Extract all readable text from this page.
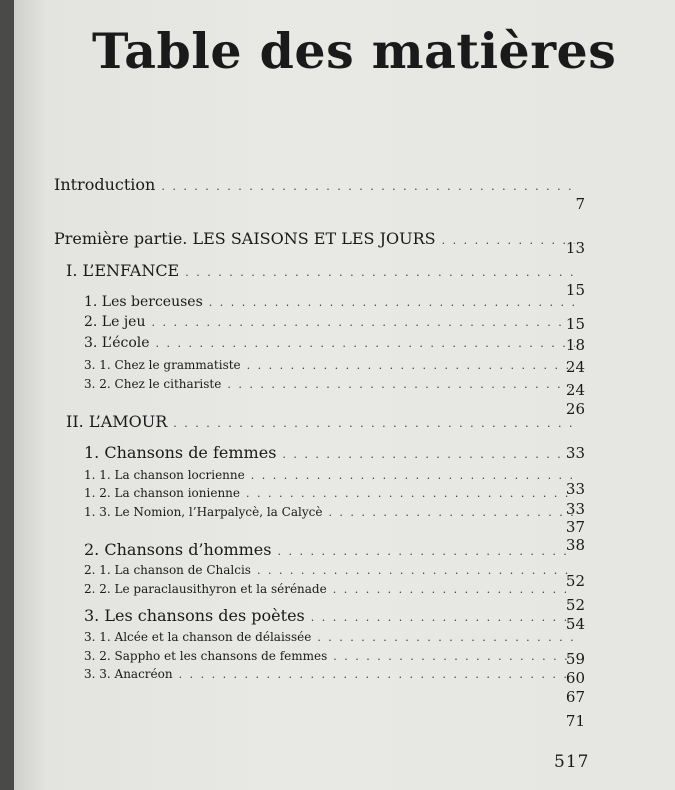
Table des matières
Introduction
. . .
7
Première partie. LES SAISONS ET LES JOURS
. . .	13
I. L’ENFANCE
. . .
15
1. Les berceuses
. . .
15
2. Le jeu
. . .
18
3. L’école
. . .
24
3. 1. Chez le grammatiste
. . .
24
3. 2. Chez le cithariste
. . .
26
II. L’AMOUR
. . .
33
1. Chansons de femmes
. . .
33
1. 1. La chanson locrienne
. . .
33
1. 2. La chanson ionienne
. . .
37
1. 3. Le Nomion, l’Harpalycè, la Calycè
. . .
38
2. Chansons d’hommes
. . .
52
2. 1. La chanson de Chalcis
. . .
52
2. 2. Le paraclausithyron et la sérénade
. . .
54
3. Les chansons des poètes
. . .
59
3. 1. Alcée et la chanson de délaissée
. . .
60
3. 2. Sappho et les chansons de femmes
. . .
67
3. 3. Anacréon
. . .
71
517
